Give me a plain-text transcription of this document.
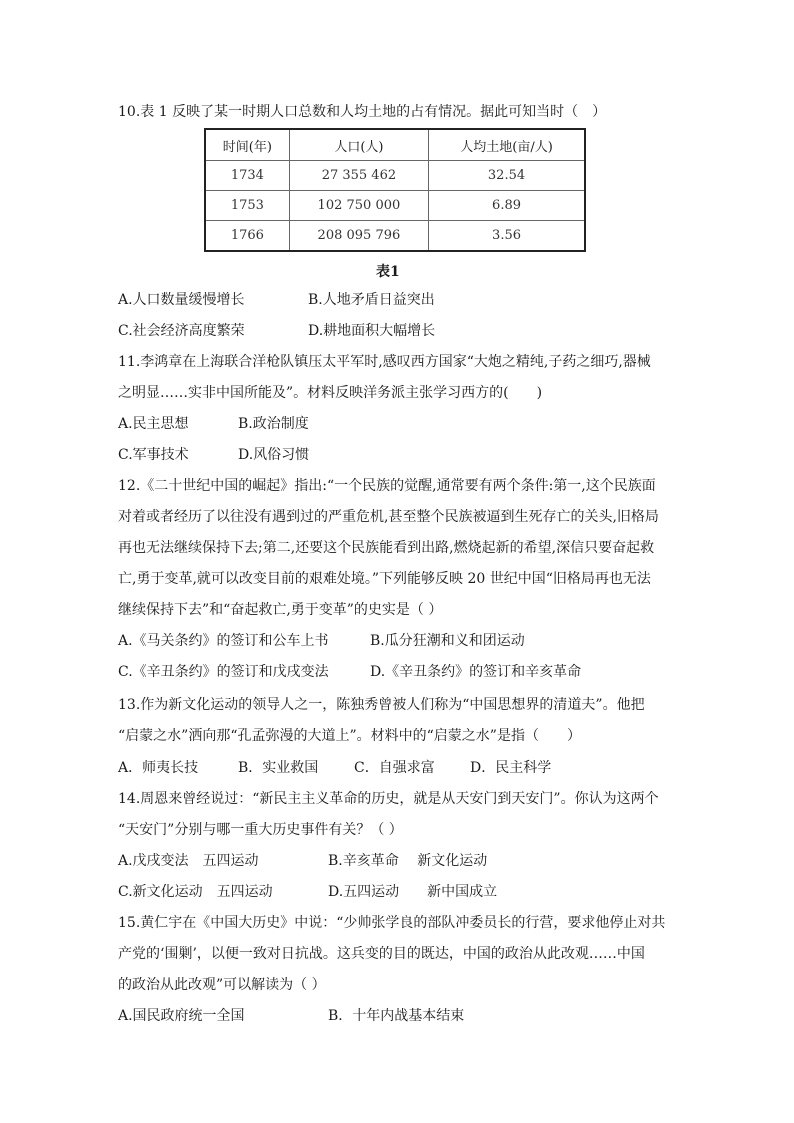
10.表 1 反映了某一时期人口总数和人均土地的占有情况。据此可知当时（　）
时间(年)	人口(人)	人均土地(亩/人)
1734	27 355 462	32.54
1753	102 750 000	6.89
1766	208 095 796	3.56
表1
A.人口数量缓慢增长	B.人地矛盾日益突出
C.社会经济高度繁荣	D.耕地面积大幅增长
11.李鸿章在上海联合洋枪队镇压太平军时,感叹西方国家“大炮之精纯,子药之细巧,器械
之明显……实非中国所能及”。材料反映洋务派主张学习西方的(　　)
A.民主思想	B.政治制度
C.军事技术	D.风俗习惯
12.《二十世纪中国的崛起》指出:“一个民族的觉醒,通常要有两个条件:第一,这个民族面
对着或者经历了以往没有遇到过的严重危机,甚至整个民族被逼到生死存亡的关头,旧格局
再也无法继续保持下去;第二,还要这个民族能看到出路,燃烧起新的希望,深信只要奋起救
亡,勇于变革,就可以改变目前的艰难处境。”下列能够反映 20 世纪中国“旧格局再也无法
继续保持下去”和“奋起救亡,勇于变革”的史实是（ ）
A.《马关条约》的签订和公车上书	B.瓜分狂潮和义和团运动
C.《辛丑条约》的签订和戊戌变法	D.《辛丑条约》的签订和辛亥革命
13.作为新文化运动的领导人之一，陈独秀曾被人们称为“中国思想界的清道夫”。他把
“启蒙之水”洒向那“孔孟弥漫的大道上”。材料中的“启蒙之水”是指（　　）
A．师夷长技	B．实业救国	C．自强求富	D．民主科学
14.周恩来曾经说过：“新民主主义革命的历史，就是从天安门到天安门”。你认为这两个
“天安门”分别与哪一重大历史事件有关？（ ）
A.戊戌变法　五四运动	B.辛亥革命　 新文化运动
C.新文化运动　五四运动	D.五四运动　　新中国成立
15.黄仁宇在《中国大历史》中说：“少帅张学良的部队冲委员长的行营，要求他停止对共
产党的‘围剿’，以便一致对日抗战。这兵变的目的既达，中国的政治从此改观……中国
的政治从此改观”可以解读为（ ）
A.国民政府统一全国	B．十年内战基本结束
